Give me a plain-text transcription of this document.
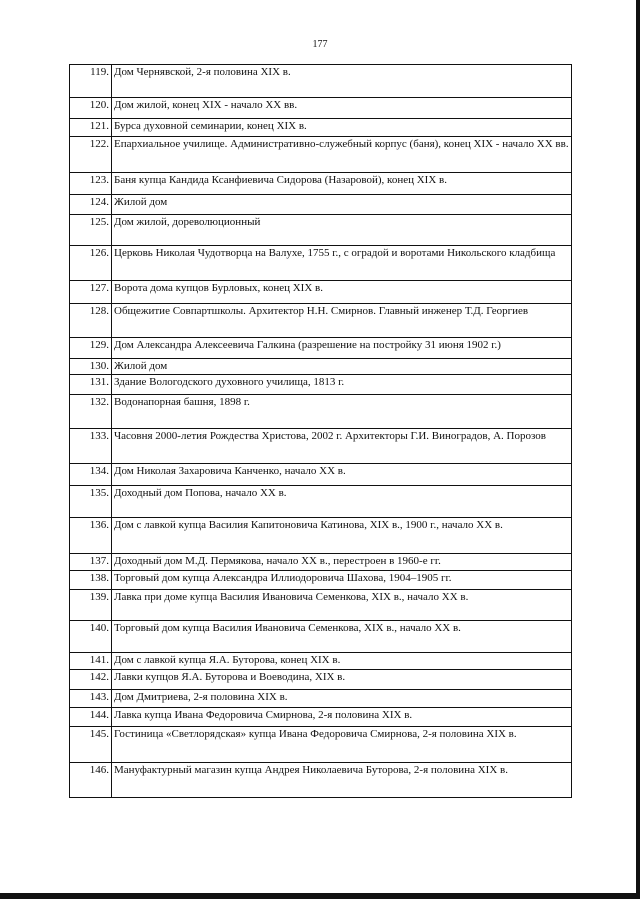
177
119.	Дом Чернявской, 2-я половина XIX в.
120.	Дом жилой, конец XIX - начало XX вв.
121.	Бурса духовной семинарии, конец XIX в.
122.	Епархиальное училище. Административно-служебный корпус (баня), конец XIX - начало XX вв.
123.	Баня купца Кандида Ксанфиевича Сидорова (Назаровой), конец XIX в.
124.	Жилой дом
125.	Дом жилой, дореволюционный
126.	Церковь Николая Чудотворца на Валухе, 1755 г., с оградой и воротами Никольского кладбища
127.	Ворота дома купцов Бурловых, конец XIX в.
128.	Общежитие Совпартшколы. Архитектор Н.Н. Смирнов. Главный инженер Т.Д. Георгиев
129.	Дом Александра Алексеевича Галкина (разрешение на постройку 31 июня 1902 г.)
130.	Жилой дом
131.	Здание Вологодского духовного училища, 1813 г.
132.	Водонапорная башня, 1898 г.
133.	Часовня 2000-летия Рождества Христова, 2002 г. Архитекторы Г.И. Виноградов, А. Порозов
134.	Дом Николая Захаровича Канченко, начало XX в.
135.	Доходный дом Попова, начало XX в.
136.	Дом с лавкой купца Василия Капитоновича Катинова, XIX в., 1900 г., начало XX в.
137.	Доходный дом М.Д. Пермякова, начало XX в., перестроен в 1960-е гг.
138.	Торговый дом купца Александра Иллиодоровича Шахова, 1904–1905 гг.
139.	Лавка при доме купца Василия Ивановича Семенкова, XIX в., начало XX в.
140.	Торговый дом купца Василия Ивановича Семенкова, XIX в., начало XX в.
141.	Дом с лавкой купца Я.А. Буторова, конец XIX в.
142.	Лавки купцов Я.А. Буторова и Воеводина, XIX в.
143.	Дом Дмитриева, 2-я половина XIX в.
144.	Лавка купца Ивана Федоровича Смирнова, 2-я половина XIX в.
145.	Гостиница «Светлорядская» купца Ивана Федоровича Смирнова, 2-я половина XIX в.
146.	Мануфактурный магазин купца Андрея Николаевича Буторова, 2-я половина XIX в.
